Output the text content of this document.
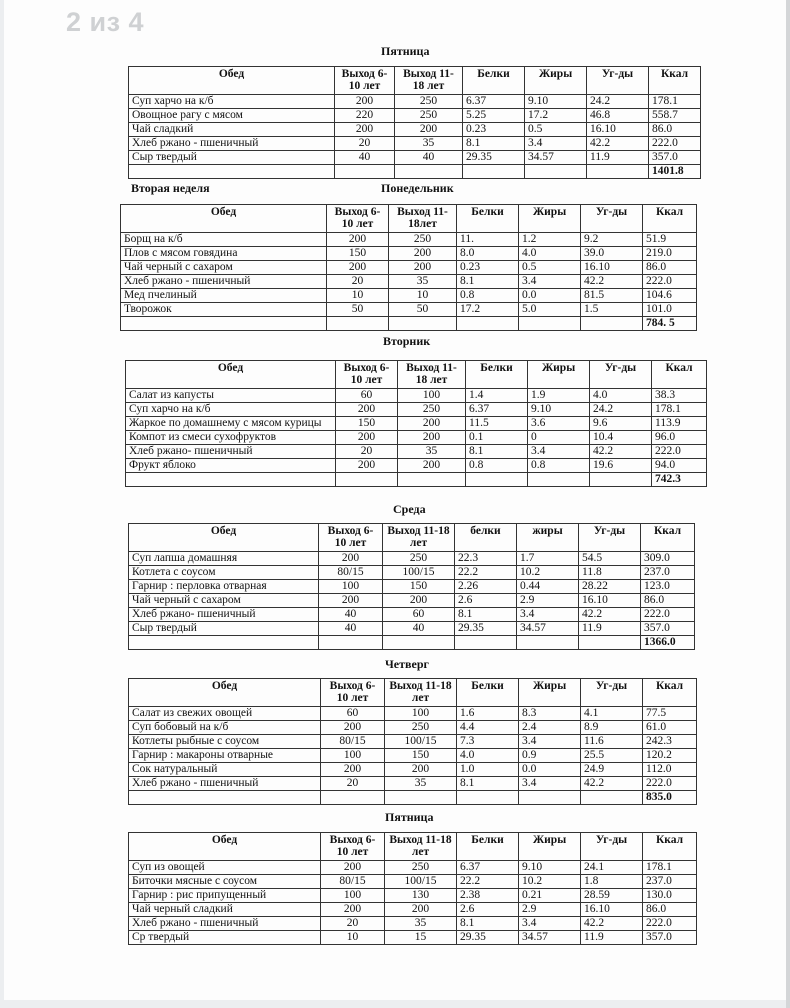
2 из 4
Пятница
Вторая неделя	Понедельник
Вторник
Среда
Четверг
Пятница
Обед	Выход 6-10 лет	Выход 11-18 лет	Белки	Жиры	Уг-ды	Ккал
Суп харчо на к/б	200	250	6.37	9.10	24.2	178.1
Овощное рагу с мясом	220	250	5.25	17.2	46.8	558.7
Чай сладкий	200	200	0.23	0.5	16.10	86.0
Хлеб ржано - пшеничный	20	35	8.1	3.4	42.2	222.0
Сыр твердый	40	40	29.35	34.57	11.9	357.0
						1401.8
Обед	Выход 6-10 лет	Выход 11-18лет	Белки	Жиры	Уг-ды	Ккал
Борщ на к/б	200	250	11.	1.2	9.2	51.9
Плов с мясом говядина	150	200	8.0	4.0	39.0	219.0
Чай черный с сахаром	200	200	0.23	0.5	16.10	86.0
Хлеб ржано - пшеничный	20	35	8.1	3.4	42.2	222.0
Мед пчелиный	10	10	0.8	0.0	81.5	104.6
Творожок	50	50	17.2	5.0	1.5	101.0
						784. 5
Обед	Выход 6-10 лет	Выход 11-18 лет	Белки	Жиры	Уг-ды	Ккал
Салат из капусты	60	100	1.4	1.9	4.0	38.3
Суп харчо на к/б	200	250	6.37	9.10	24.2	178.1
Жаркое по домашнему с мясом курицы	150	200	11.5	3.6	9.6	113.9
Компот из смеси сухофруктов	200	200	0.1	0	10.4	96.0
Хлеб ржано- пшеничный	20	35	8.1	3.4	42.2	222.0
Фрукт яблоко	200	200	0.8	0.8	19.6	94.0
						742.3
Обед	Выход 6-10 лет	Выход 11-18 лет	белки	жиры	Уг-ды	Ккал
Суп лапша домашняя	200	250	22.3	1.7	54.5	309.0
Котлета с соусом	80/15	100/15	22.2	10.2	11.8	237.0
Гарнир : перловка отварная	100	150	2.26	0.44	28.22	123.0
Чай черный с сахаром	200	200	2.6	2.9	16.10	86.0
Хлеб ржано- пшеничный	40	60	8.1	3.4	42.2	222.0
Сыр твердый	40	40	29.35	34.57	11.9	357.0
						1366.0
Обед	Выход 6-10 лет	Выход 11-18 лет	Белки	Жиры	Уг-ды	Ккал
Салат из свежих овощей	60	100	1.6	8.3	4.1	77.5
Суп бобовый на к/б	200	250	4.4	2.4	8.9	61.0
Котлеты рыбные с соусом	80/15	100/15	7.3	3.4	11.6	242.3
Гарнир : макароны отварные	100	150	4.0	0.9	25.5	120.2
Сок натуральный	200	200	1.0	0.0	24.9	112.0
Хлеб ржано - пшеничный	20	35	8.1	3.4	42.2	222.0
						835.0
Обед	Выход 6-10 лет	Выход 11-18 лет	Белки	Жиры	Уг-ды	Ккал
Суп из овощей	200	250	6.37	9.10	24.1	178.1
Биточки мясные с соусом	80/15	100/15	22.2	10.2	1.8	237.0
Гарнир : рис припущенный	100	130	2.38	0.21	28.59	130.0
Чай черный сладкий	200	200	2.6	2.9	16.10	86.0
Хлеб ржано - пшеничный	20	35	8.1	3.4	42.2	222.0
Ср твердый	10	15	29.35	34.57	11.9	357.0
